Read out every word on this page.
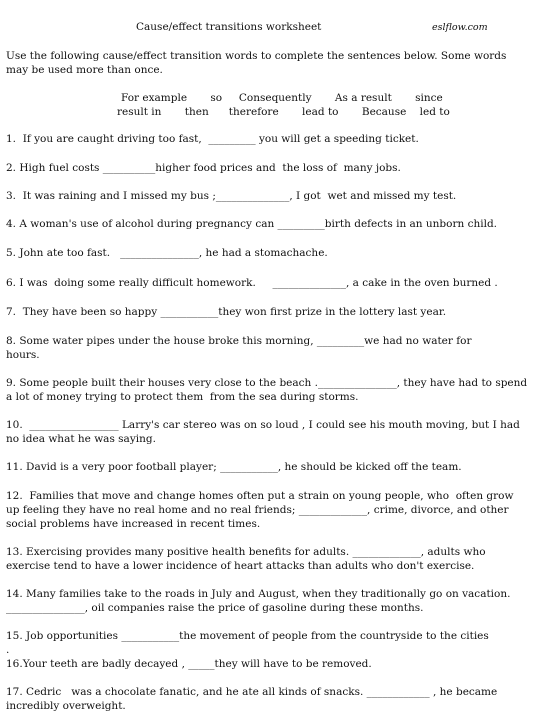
Cause/effect transitions worksheet	eslflow.com
Use the following cause/effect transition words to complete the sentences below. Some words may be used more than once.
For example so Consequently As a result since
result in then therefore lead to Because led to
1.  If you are caught driving too fast,  _________ you will get a speeding ticket.
2. High fuel costs __________higher food prices and  the loss of  many jobs.
3.  It was raining and I missed my bus ;______________, I got  wet and missed my test.
4. A woman's use of alcohol during pregnancy can _________birth defects in an unborn child.
5. John ate too fast.   _______________, he had a stomachache.
6. I was  doing some really difficult homework.     ______________, a cake in the oven burned .
7.  They have been so happy ___________they won first prize in the lottery last year.
8. Some water pipes under the house broke this morning, _________we had no water for
hours.
9. Some people built their houses very close to the beach ._______________, they have had to spend a lot of money trying to protect them  from the sea during storms.
10.  _________________ Larry's car stereo was on so loud , I could see his mouth moving, but I had no idea what he was saying.
11. David is a very poor football player; ___________, he should be kicked off the team.
12.  Families that move and change homes often put a strain on young people, who  often grow up feeling they have no real home and no real friends; _____________, crime, divorce, and other social problems have increased in recent times.
13. Exercising provides many positive health benefits for adults. _____________, adults who exercise tend to have a lower incidence of heart attacks than adults who don't exercise.
14. Many families take to the roads in July and August, when they traditionally go on vacation. _______________, oil companies raise the price of gasoline during these months.
15. Job opportunities ___________the movement of people from the countryside to the cities
.
16.Your teeth are badly decayed , _____they will have to be removed.
17. Cedric   was a chocolate fanatic, and he ate all kinds of snacks. ____________ , he became incredibly overweight.
